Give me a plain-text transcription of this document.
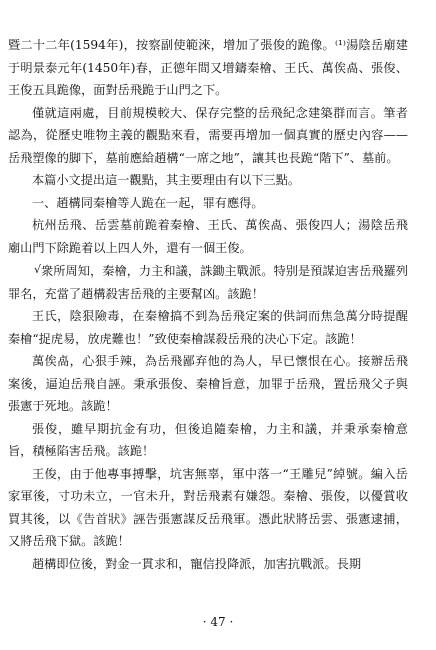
暨二十二年(1594年)，按察副使範淶，增加了張俊的跪像。⁽¹⁾湯陰岳廟建于明景泰元年(1450年)春，正德年間又增鑄秦檜、王氏、萬俟卨、張俊、王俊五具跪像，面對岳飛跪于山門之下。

僅就這兩處，目前規模較大、保存完整的岳飛紀念建築群而言。筆者認為，從歷史唯物主義的觀點來看，需要再增加一個真實的歷史內容——岳飛塑像的脚下，墓前應給趙構“一席之地”，讓其也長跪“階下”、墓前。

本篇小文提出這一觀點，其主要理由有以下三點。

一、趙構同秦檜等人跪在一起，罪有應得。

杭州岳飛、岳雲墓前跪着秦檜、王氏、萬俟卨、張俊四人；湯陰岳飛廟山門下除跪着以上四人外，還有一個王俊。

√衆所周知，秦檜，力主和議，誅鋤主戰派。特别是預謀迫害岳飛羅列罪名，充當了趙構殺害岳飛的主要幫凶。該跪！

王氏，陰狠險毒，在秦檜搞不到為岳飛定案的供詞而焦急萬分時提醒秦檜“捉虎易，放虎難也！”致使秦檜謀殺岳飛的决心下定。該跪！

萬俟卨，心狠手辣，為岳飛鄙弃他的為人，早已懷恨在心。接辦岳飛案後，逼迫岳飛自誣。秉承張俊、秦檜旨意，加罪于岳飛，置岳飛父子與張憲于死地。該跪！

張俊，雖早期抗金有功，但後追隨秦檜，力主和議，并秉承秦檜意旨，積極陷害岳飛。該跪！

王俊，由于他專事搏擊，坑害無辜，軍中落一“王雕兒”綽號。編入岳家軍後，寸功未立，一官未升，對岳飛素有嫌怨。秦檜、張俊，以優賞收買其後，以《告首狀》誣告張憲謀反岳飛軍。憑此狀將岳雲、張憲逮捕，又將岳飛下獄。該跪！

趙構即位後，對金一貫求和，寵信投降派，加害抗戰派。長期

· 47 ·
